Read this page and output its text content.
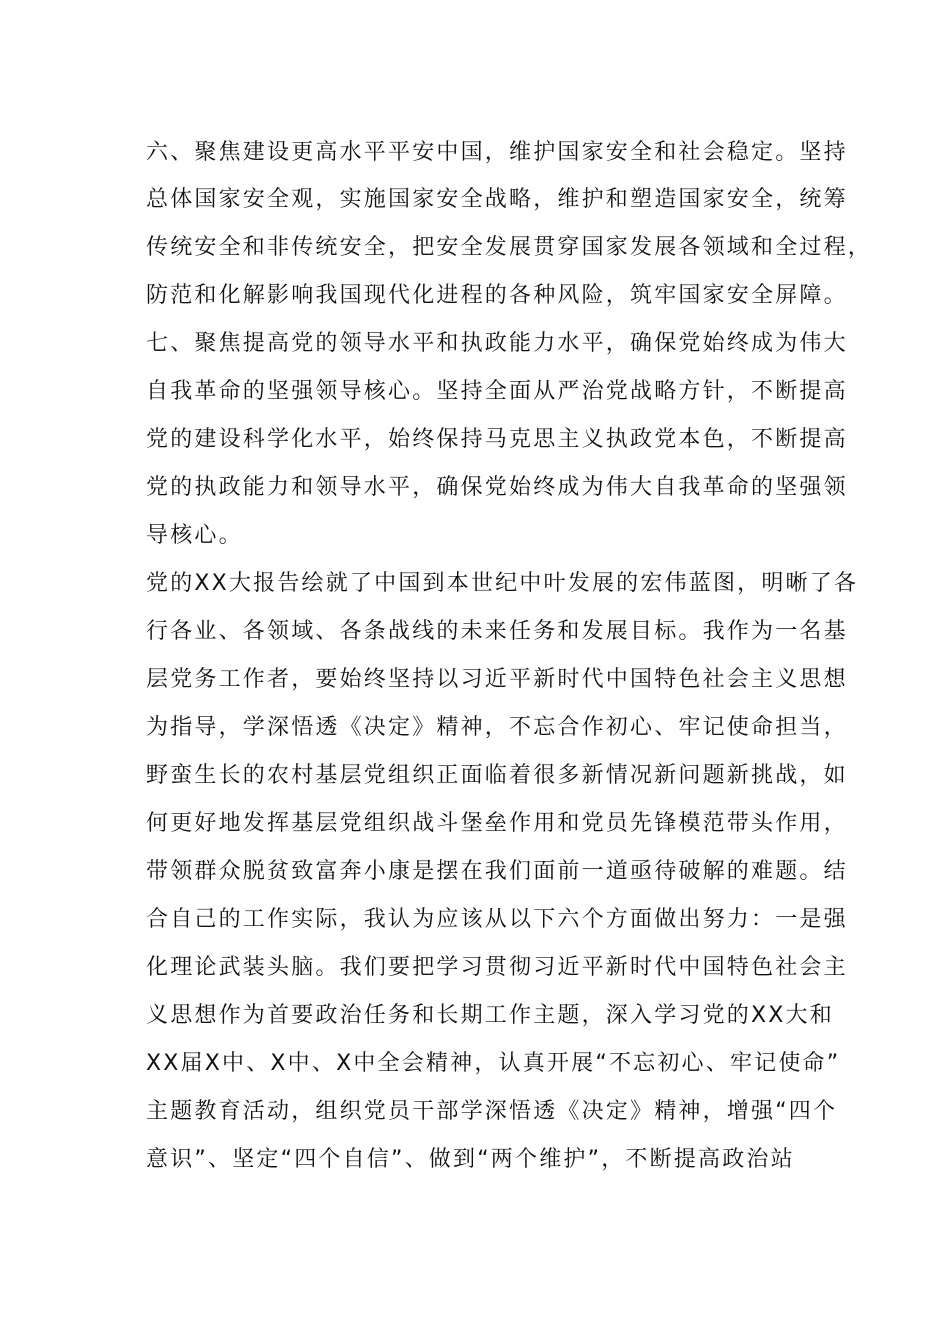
六、聚焦建设更高水平平安中国，维护国家安全和社会稳定。坚持
总体国家安全观，实施国家安全战略，维护和塑造国家安全，统筹
传统安全和非传统安全，把安全发展贯穿国家发展各领域和全过程，
防范和化解影响我国现代化进程的各种风险，筑牢国家安全屏障。
七、聚焦提高党的领导水平和执政能力水平，确保党始终成为伟大
自我革命的坚强领导核心。坚持全面从严治党战略方针，不断提高
党的建设科学化水平，始终保持马克思主义执政党本色，不断提高
党的执政能力和领导水平，确保党始终成为伟大自我革命的坚强领
导核心。
党的XX大报告绘就了中国到本世纪中叶发展的宏伟蓝图，明晰了各
行各业、各领域、各条战线的未来任务和发展目标。我作为一名基
层党务工作者，要始终坚持以习近平新时代中国特色社会主义思想
为指导，学深悟透《决定》精神，不忘合作初心、牢记使命担当，
野蛮生长的农村基层党组织正面临着很多新情况新问题新挑战，如
何更好地发挥基层党组织战斗堡垒作用和党员先锋模范带头作用，
带领群众脱贫致富奔小康是摆在我们面前一道亟待破解的难题。结
合自己的工作实际，我认为应该从以下六个方面做出努力：一是强
化理论武装头脑。我们要把学习贯彻习近平新时代中国特色社会主
义思想作为首要政治任务和长期工作主题，深入学习党的XX大和
XX届X中、X中、X中全会精神，认真开展“不忘初心、牢记使命”
主题教育活动，组织党员干部学深悟透《决定》精神，增强“四个
意识”、坚定“四个自信”、做到“两个维护”，不断提高政治站
